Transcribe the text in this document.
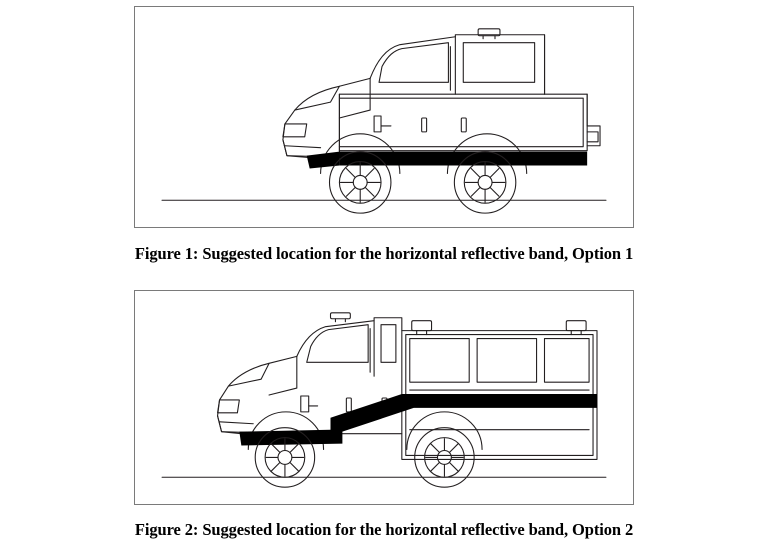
Figure 1: Suggested location for the horizontal reflective band, Option 1
Figure 2: Suggested location for the horizontal reflective band, Option 2
